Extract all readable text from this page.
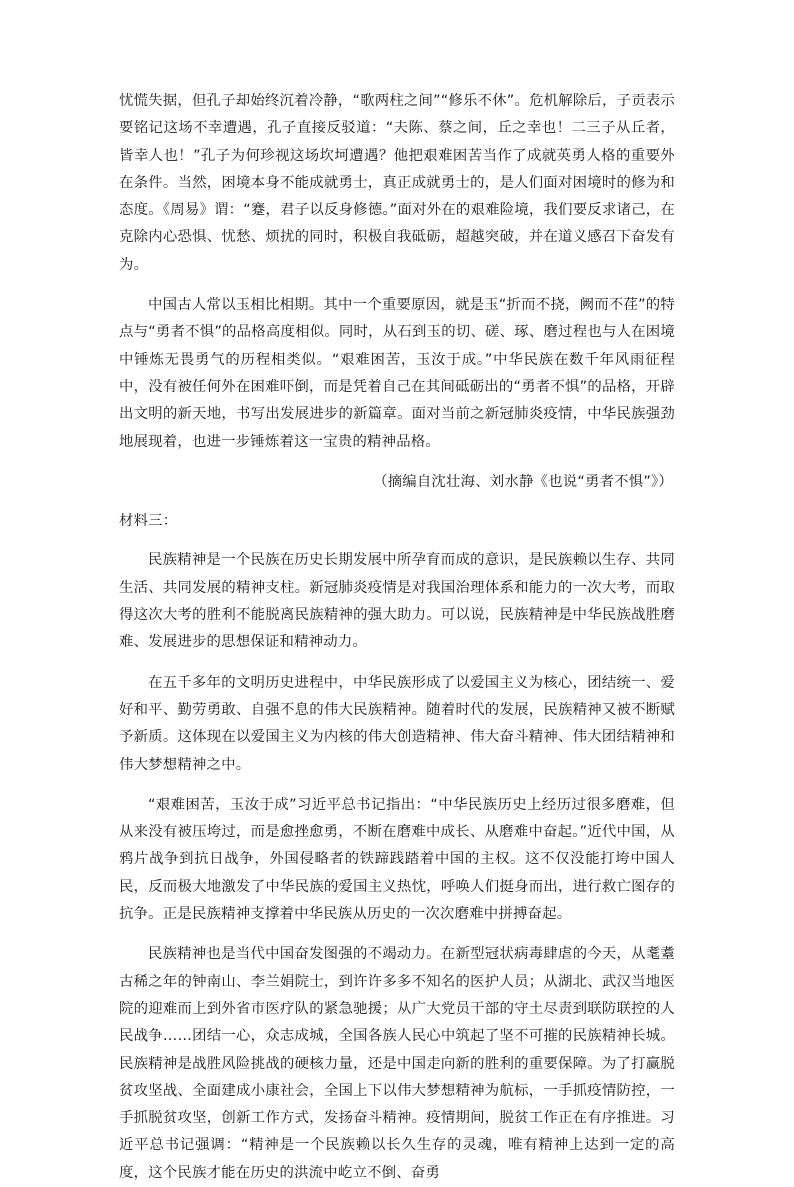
忧慌失据，但孔子却始终沉着冷静，“歌两柱之间”“修乐不休”。危机解除后，子贡表示要铭记这场不幸遭遇，孔子直接反驳道：“夫陈、蔡之间，丘之幸也！二三子从丘者，皆幸人也！”孔子为何珍视这场坎坷遭遇？他把艰难困苦当作了成就英勇人格的重要外在条件。当然，困境本身不能成就勇士，真正成就勇士的，是人们面对困境时的修为和态度。《周易》谓：“蹇，君子以反身修德。”面对外在的艰难险境，我们要反求诸己，在克除内心恐惧、忧愁、烦扰的同时，积极自我砥砺，超越突破，并在道义感召下奋发有为。

中国古人常以玉相比相期。其中一个重要原因，就是玉“折而不挠，阙而不荏”的特点与“勇者不惧”的品格高度相似。同时，从石到玉的切、磋、琢、磨过程也与人在困境中锤炼无畏勇气的历程相类似。“艰难困苦，玉汝于成。”中华民族在数千年风雨征程中，没有被任何外在困难吓倒，而是凭着自己在其间砥砺出的“勇者不惧”的品格，开辟出文明的新天地，书写出发展进步的新篇章。面对当前之新冠肺炎疫情，中华民族强劲地展现着，也进一步锤炼着这一宝贵的精神品格。

（摘编自沈壮海、刘水静《也说“勇者不惧”》）

材料三：

民族精神是一个民族在历史长期发展中所孕育而成的意识，是民族赖以生存、共同生活、共同发展的精神支柱。新冠肺炎疫情是对我国治理体系和能力的一次大考，而取得这次大考的胜利不能脱离民族精神的强大助力。可以说，民族精神是中华民族战胜磨难、发展进步的思想保证和精神动力。

在五千多年的文明历史进程中，中华民族形成了以爱国主义为核心，团结统一、爱好和平、勤劳勇敢、自强不息的伟大民族精神。随着时代的发展，民族精神又被不断赋予新质。这体现在以爱国主义为内核的伟大创造精神、伟大奋斗精神、伟大团结精神和伟大梦想精神之中。

“艰难困苦，玉汝于成”习近平总书记指出：“中华民族历史上经历过很多磨难，但从来没有被压垮过，而是愈挫愈勇，不断在磨难中成长、从磨难中奋起。”近代中国，从鸦片战争到抗日战争，外国侵略者的铁蹄践踏着中国的主权。这不仅没能打垮中国人民，反而极大地激发了中华民族的爱国主义热忱，呼唤人们挺身而出，进行救亡图存的抗争。正是民族精神支撑着中华民族从历史的一次次磨难中拼搏奋起。

民族精神也是当代中国奋发图强的不竭动力。在新型冠状病毒肆虐的今天，从耄耋古稀之年的钟南山、李兰娟院士，到许许多多不知名的医护人员；从湖北、武汉当地医院的迎难而上到外省市医疗队的紧急驰援；从广大党员干部的守土尽责到联防联控的人民战争……团结一心，众志成城，全国各族人民心中筑起了坚不可摧的民族精神长城。民族精神是战胜风险挑战的硬核力量，还是中国走向新的胜利的重要保障。为了打赢脱贫攻坚战、全面建成小康社会，全国上下以伟大梦想精神为航标，一手抓疫情防控，一手抓脱贫攻坚，创新工作方式，发扬奋斗精神。疫情期间，脱贫工作正在有序推进。习近平总书记强调：“精神是一个民族赖以长久生存的灵魂，唯有精神上达到一定的高度，这个民族才能在历史的洪流中屹立不倒、奋勇
